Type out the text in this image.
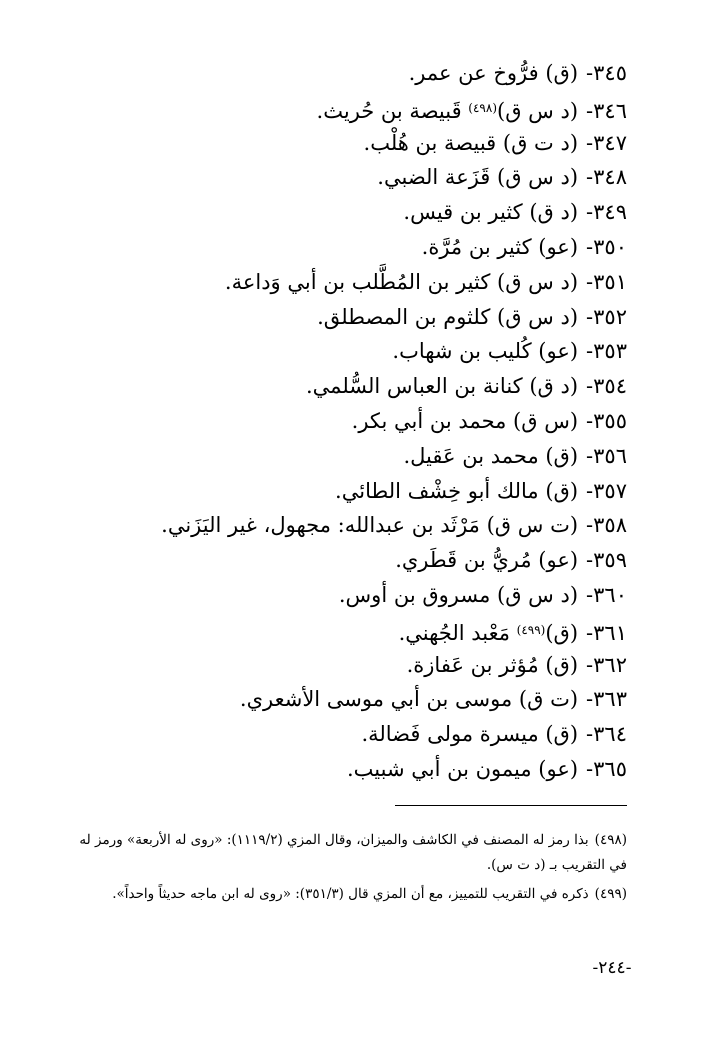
٣٤٥-(ق) فرُّوخ عن عمر.
٣٤٦-(د س ق)$^{(٤٩٨)}$ قَبيصة بن حُريث.
٣٤٧-(د ت ق) قبيصة بن هُلْب.
٣٤٨-(د س ق) قَزَعة الضبي.
٣٤٩-(د ق) كثير بن قيس.
٣٥٠-(عو) كثير بن مُرَّة.
٣٥١-(د س ق) كثير بن المُطَّلب بن أبي وَداعة.
٣٥٢-(د س ق) كلثوم بن المصطلق.
٣٥٣-(عو) كُليب بن شهاب.
٣٥٤-(د ق) كنانة بن العباس السُّلمي.
٣٥٥-(س ق) محمد بن أبي بكر.
٣٥٦-(ق) محمد بن عَقيل.
٣٥٧-(ق) مالك أبو خِشْف الطائي.
٣٥٨-(ت س ق) مَرْثَد بن عبدالله: مجهول، غير اليَزَني.
٣٥٩-(عو) مُريُّ بن قَطَري.
٣٦٠-(د س ق) مسروق بن أوس.
٣٦١-(ق)$^{(٤٩٩)}$ مَعْبد الجُهني.
٣٦٢-(ق) مُؤثر بن عَفازة.
٣٦٣-(ت ق) موسى بن أبي موسى الأشعري.
٣٦٤-(ق) ميسرة مولى فَضالة.
٣٦٥-(عو) ميمون بن أبي شبيب.
(٤٩٨)بذا رمز له المصنف في الكاشف والميزان، وقال المزي (١١١٩/٢): «روى له الأربعة» ورمز له في التقريب بـ (د ت س).
(٤٩٩)ذكره في التقريب للتمييز، مع أن المزي قال (٣٥١/٣): «روى له ابن ماجه حديثاً واحداً».
-٢٤٤-
